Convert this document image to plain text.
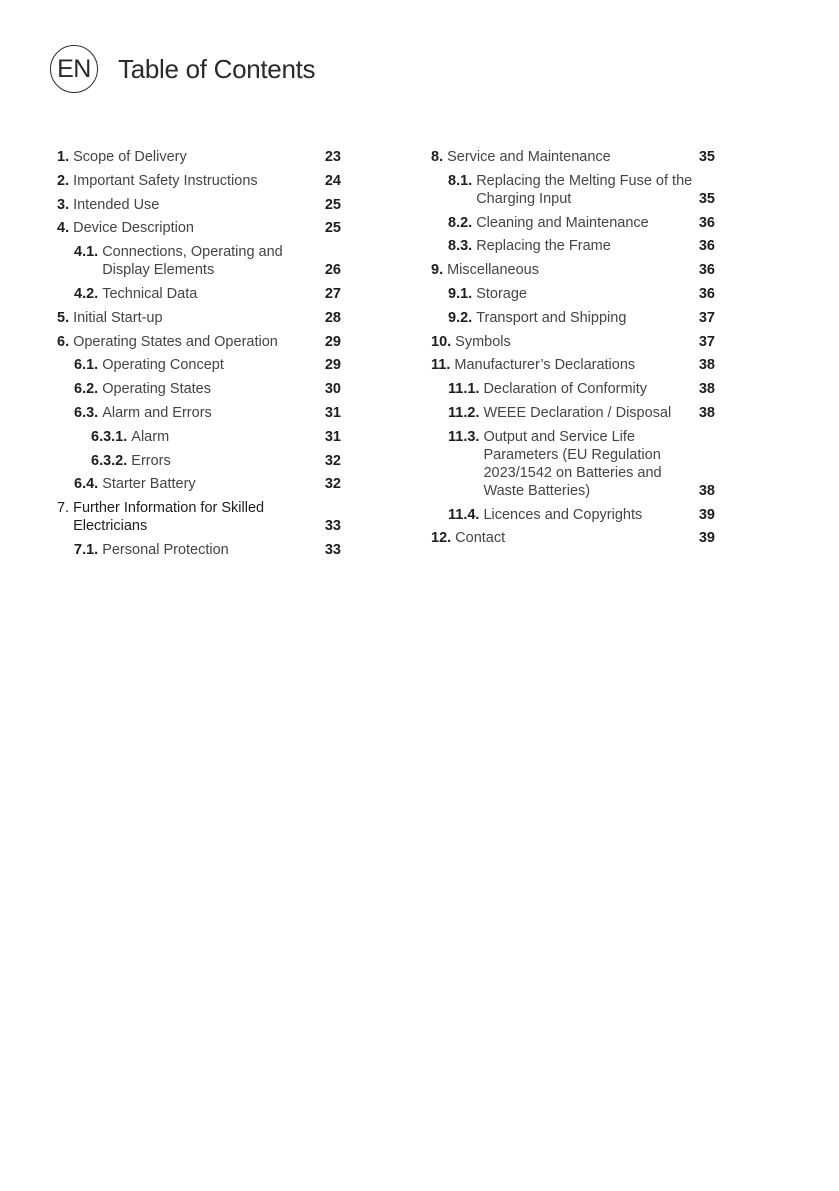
EN Table of Contents
1. Scope of Delivery	23
2. Important Safety Instructions	24
3. Intended Use	25
4. Device Description	25
4.1. Connections, Operating and Display Elements	26
4.2. Technical Data	27
5. Initial Start-up	28
6. Operating States and Operation	29
6.1. Operating Concept	29
6.2. Operating States	30
6.3. Alarm and Errors	31
6.3.1. Alarm	31
6.3.2. Errors	32
6.4. Starter Battery	32
7. Further Information for Skilled Electricians	33
7.1. Personal Protection	33
8. Service and Maintenance	35
8.1. Replacing the Melting Fuse of the Charging Input	35
8.2. Cleaning and Maintenance	36
8.3. Replacing the Frame	36
9. Miscellaneous	36
9.1. Storage	36
9.2. Transport and Shipping	37
10. Symbols	37
11. Manufacturer’s Declarations	38
11.1. Declaration of Conformity	38
11.2. WEEE Declaration / Disposal	38
11.3. Output and Service Life Parameters (EU Regulation 2023/1542 on Batteries and Waste Batteries)	38
11.4. Licences and Copyrights	39
12. Contact	39
